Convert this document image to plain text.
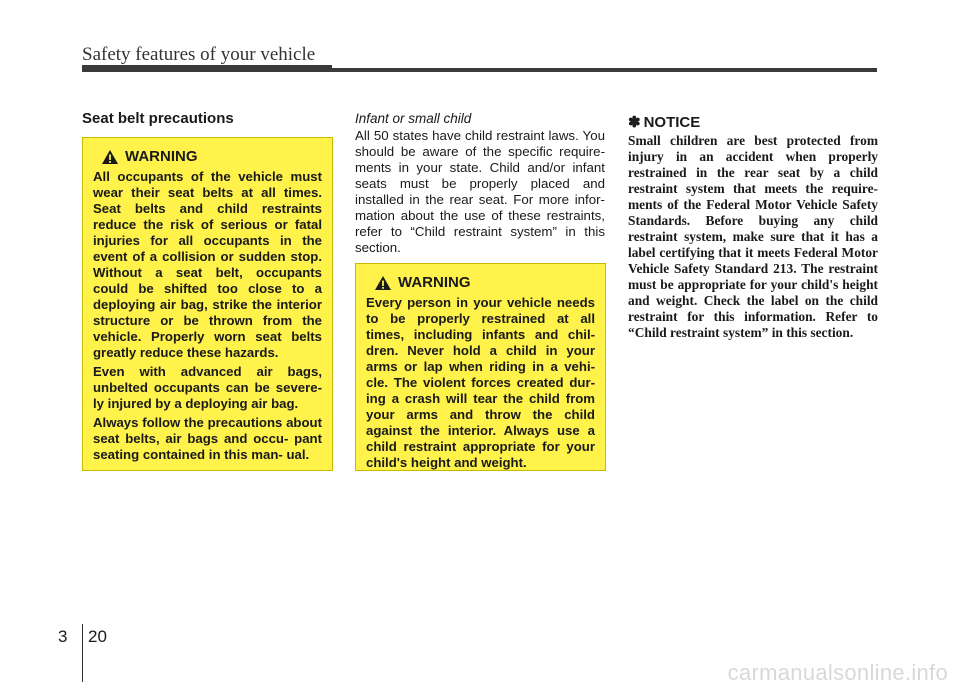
Safety features of your vehicle
Seat belt precautions
WARNING

All occupants of the vehicle must wear their seat belts at all times. Seat belts and child restraints reduce the risk of serious or fatal injuries for all occupants in the event of a collision or sudden stop. Without a seat belt, occupants could be shifted too close to a deploying air bag, strike the interior structure or be thrown from the vehicle. Properly worn seat belts greatly reduce these hazards.

Even with advanced air bags, unbelted occupants can be severe- ly injured by a deploying air bag.

Always follow the precautions about seat belts, air bags and occu- pant seating contained in this man- ual.

Infant or small child

All 50 states have child restraint laws. You should be aware of the specific require- ments in your state. Child and/or infant seats must be properly placed and installed in the rear seat. For more infor- mation about the use of these restraints, refer to “Child restraint system” in this section.

WARNING

Every person in your vehicle needs to be properly restrained at all times, including infants and chil- dren. Never hold a child in your arms or lap when riding in a vehi- cle. The violent forces created dur- ing a crash will tear the child from your arms and throw the child against the interior. Always use a child restraint appropriate for your child's height and weight.

✽ NOTICE

Small children are best protected from injury in an accident when properly restrained in the rear seat by a child restraint system that meets the require- ments of the Federal Motor Vehicle Safety Standards. Before buying any child restraint system, make sure that it has a label certifying that it meets Federal Motor Vehicle Safety Standard 213. The restraint must be appropriate for your child's height and weight. Check the label on the child restraint for this information. Refer to “Child restraint system” in this section.

3 20
carmanualsonline.info
